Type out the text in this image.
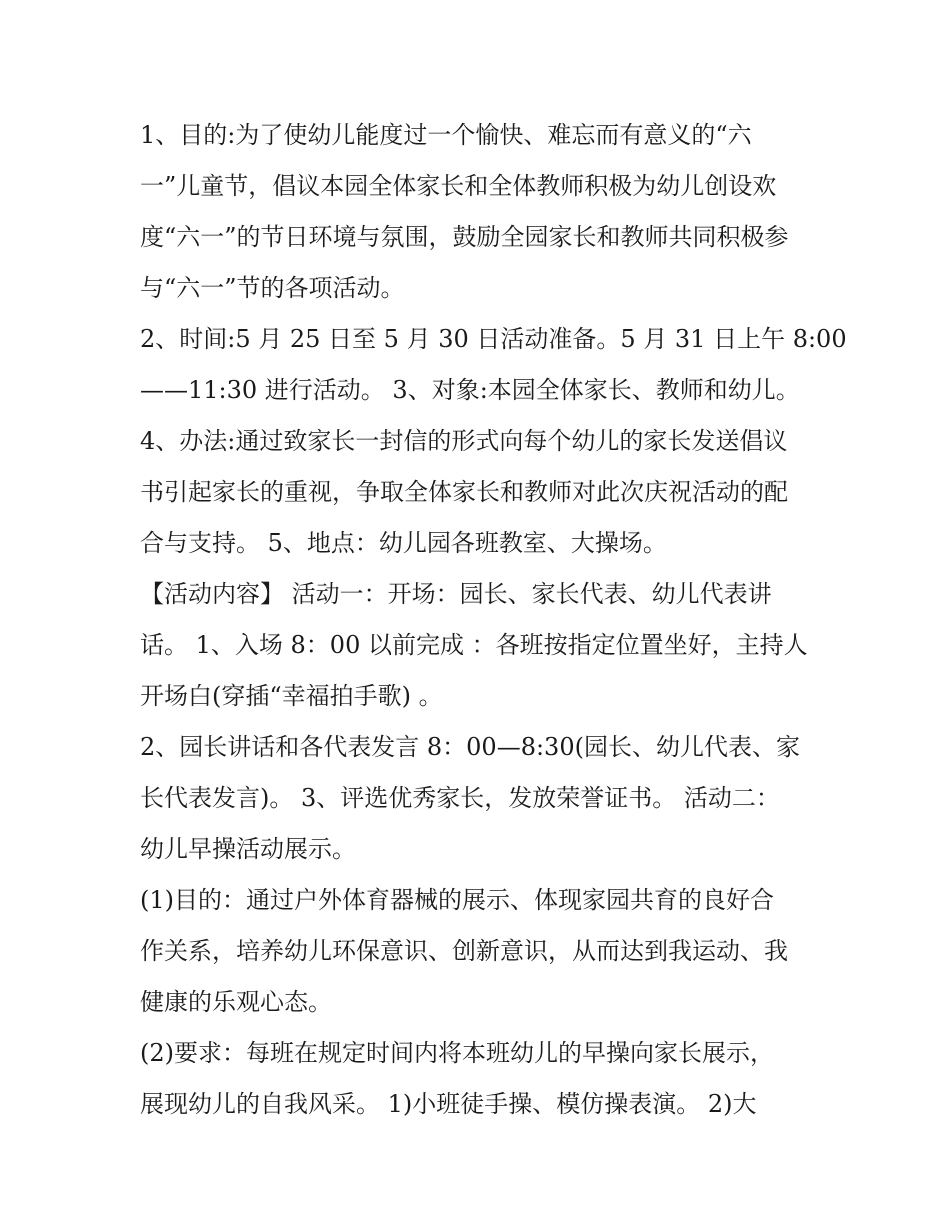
1、目的:为了使幼儿能度过一个愉快、难忘而有意义的“六
一”儿童节，倡议本园全体家长和全体教师积极为幼儿创设欢
度“六一”的节日环境与氛围，鼓励全园家长和教师共同积极参
与“六一”节的各项活动。
2、时间:5 月 25 日至 5 月 30 日活动准备。5 月 31 日上午 8:00
——11:30 进行活动。 3、对象:本园全体家长、教师和幼儿。
4、办法:通过致家长一封信的形式向每个幼儿的家长发送倡议
书引起家长的重视，争取全体家长和教师对此次庆祝活动的配
合与支持。 5、地点：幼儿园各班教室、大操场。
【活动内容】 活动一：开场：园长、家长代表、幼儿代表讲
话。 1、入场 8：00 以前完成 ：各班按指定位置坐好，主持人
开场白(穿插“幸福拍手歌) 。
2、园长讲话和各代表发言 8：00—8:30(园长、幼儿代表、家
长代表发言)。 3、评选优秀家长，发放荣誉证书。 活动二：
幼儿早操活动展示。
(1)目的：通过户外体育器械的展示、体现家园共育的良好合
作关系，培养幼儿环保意识、创新意识，从而达到我运动、我
健康的乐观心态。
(2)要求：每班在规定时间内将本班幼儿的早操向家长展示，
展现幼儿的自我风采。 1)小班徒手操、模仿操表演。 2)大
